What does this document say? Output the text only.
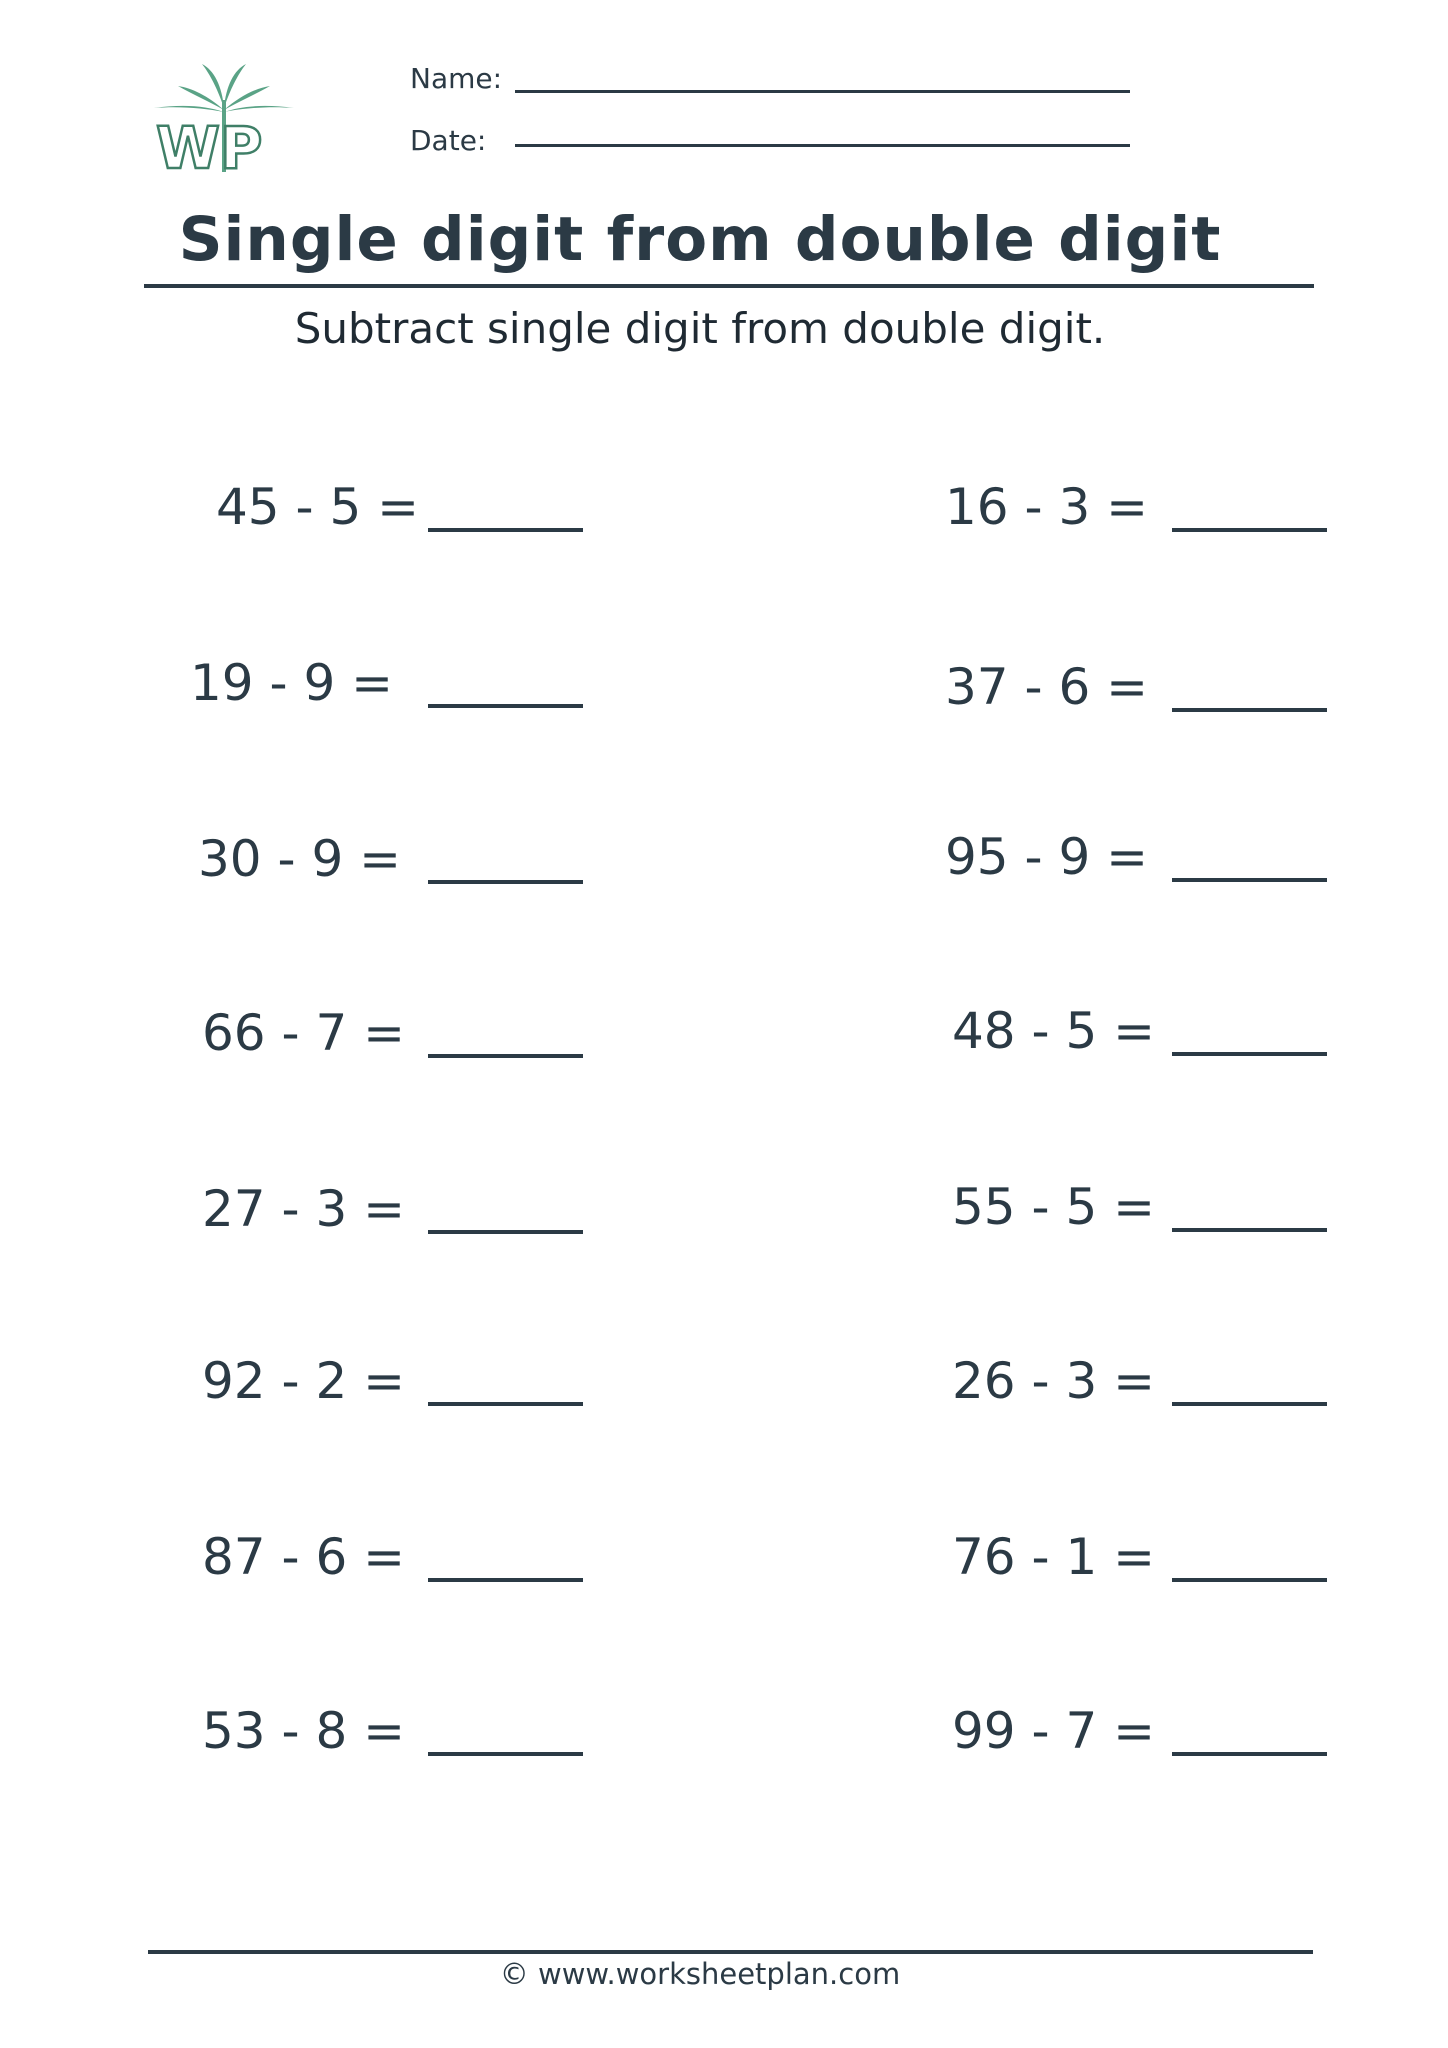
WP
Name:
Date:
Single digit from double digit
Subtract single digit from double digit.
45 - 5 =
19 - 9 =
30 - 9 =
66 - 7 =
27 - 3 =
92 - 2 =
87 - 6 =
53 - 8 =
16 - 3 =
37 - 6 =
95 - 9 =
48 - 5 =
55 - 5 =
26 - 3 =
76 - 1 =
99 - 7 =
© www.worksheetplan.com
